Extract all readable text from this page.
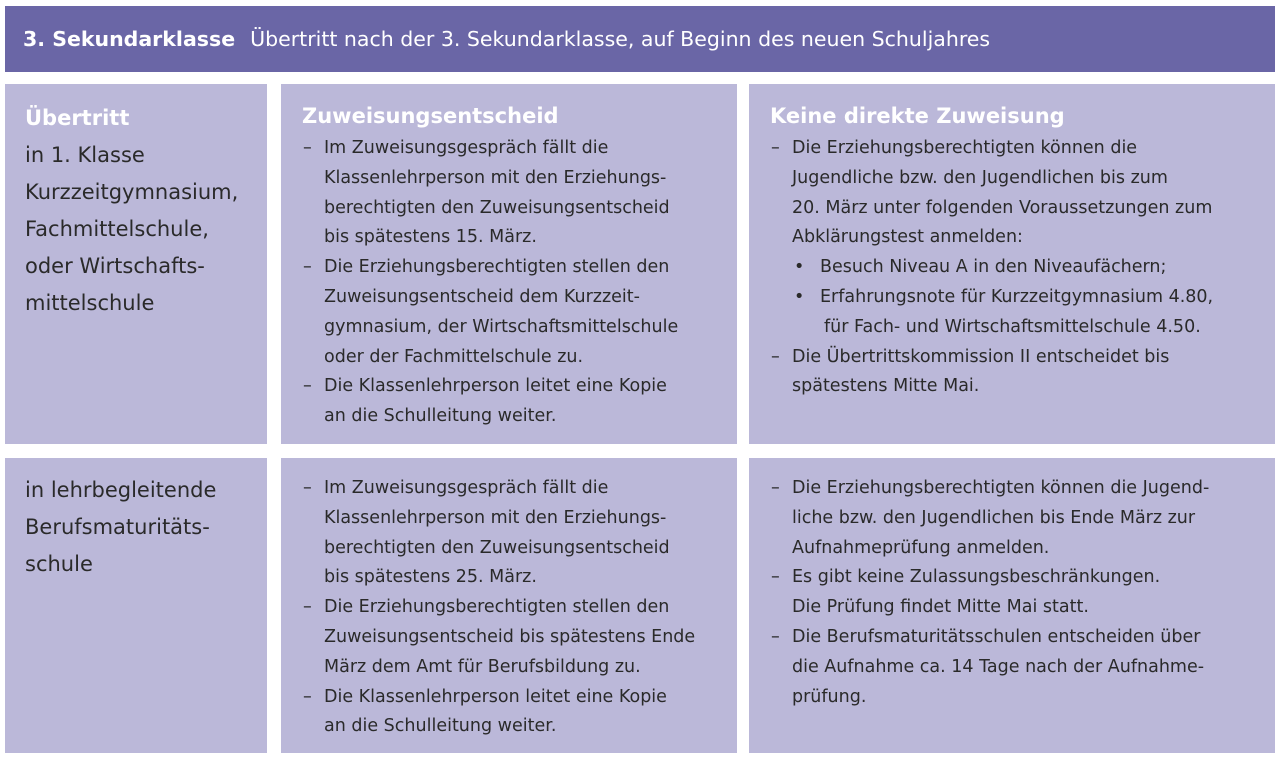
3. Sekundarklasse Übertritt nach der 3. Sekundarklasse, auf Beginn des neuen Schuljahres
Übertritt
in 1. Klasse
Kurzzeitgymnasium,
Fachmittelschule,
oder Wirtschafts-
mittelschule
Zuweisungsentscheid
– Im Zuweisungsgespräch fällt die
Klassenlehrperson mit den Erziehungs-
berechtigten den Zuweisungsentscheid
bis spätestens 15. März.
– Die Erziehungsberechtigten stellen den
Zuweisungsentscheid dem Kurzzeit-
gymnasium, der Wirtschaftsmittelschule
oder der Fachmittelschule zu.
– Die Klassenlehrperson leitet eine Kopie
an die Schulleitung weiter.
Keine direkte Zuweisung
– Die Erziehungsberechtigten können die
Jugendliche bzw. den Jugendlichen bis zum
20. März unter folgenden Voraussetzungen zum
Abklärungstest anmelden:
• Besuch Niveau A in den Niveaufächern;
• Erfahrungsnote für Kurzzeitgymnasium 4.80,
für Fach- und Wirtschaftsmittelschule 4.50.
– Die Übertrittskommission II entscheidet bis
spätestens Mitte Mai.
in lehrbegleitende
Berufsmaturitäts-
schule
– Im Zuweisungsgespräch fällt die
Klassenlehrperson mit den Erziehungs-
berechtigten den Zuweisungsentscheid
bis spätestens 25. März.
– Die Erziehungsberechtigten stellen den
Zuweisungsentscheid bis spätestens Ende
März dem Amt für Berufsbildung zu.
– Die Klassenlehrperson leitet eine Kopie
an die Schulleitung weiter.
– Die Erziehungsberechtigten können die Jugend-
liche bzw. den Jugendlichen bis Ende März zur
Aufnahmeprüfung anmelden.
– Es gibt keine Zulassungsbeschränkungen.
Die Prüfung findet Mitte Mai statt.
– Die Berufsmaturitätsschulen entscheiden über
die Aufnahme ca. 14 Tage nach der Aufnahme-
prüfung.
